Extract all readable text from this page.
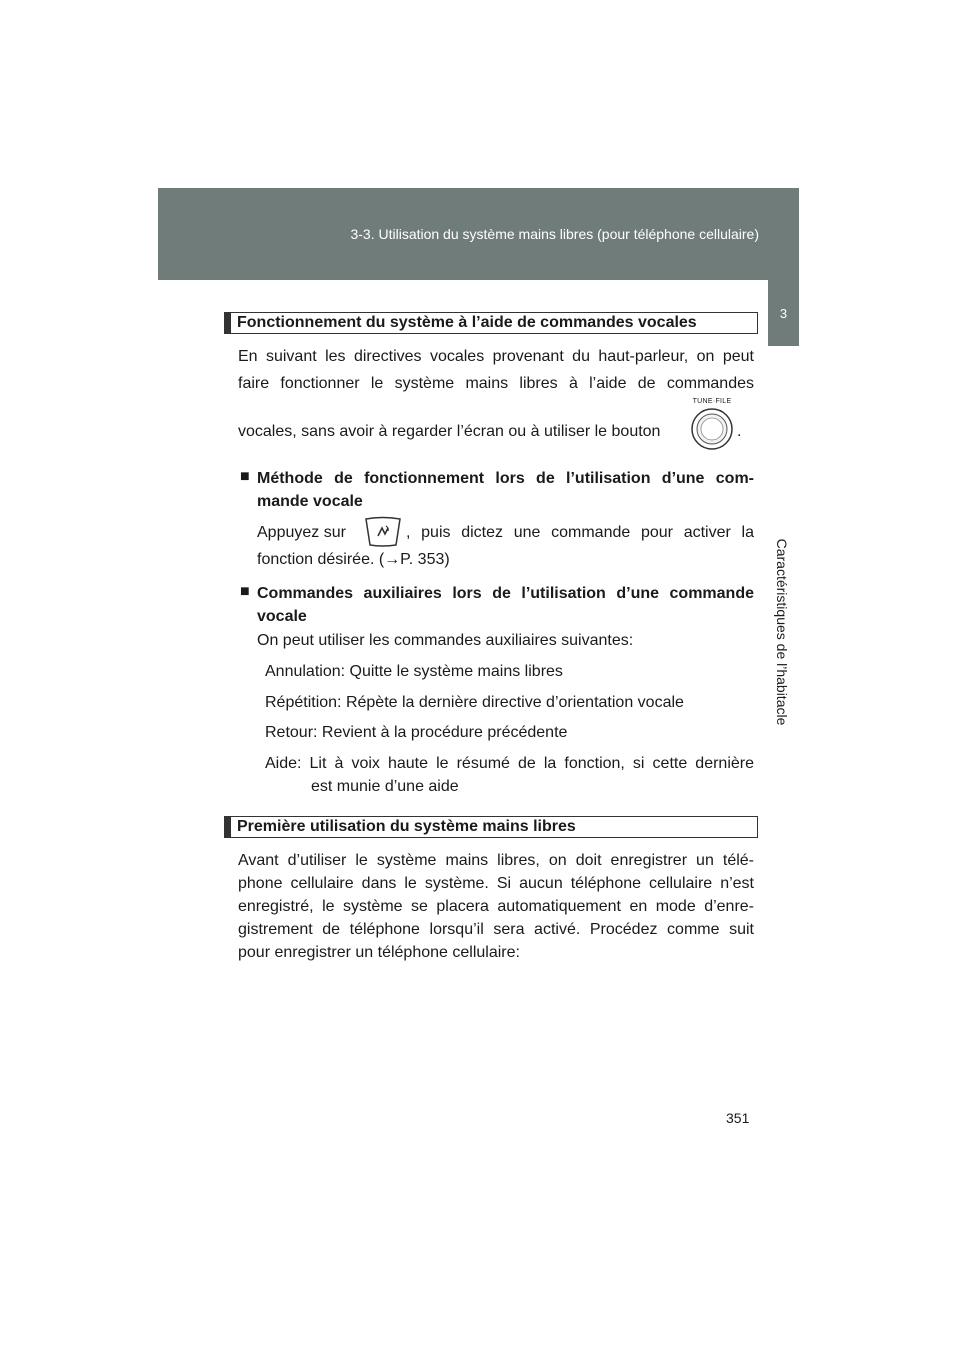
3-3. Utilisation du système mains libres (pour téléphone cellulaire)
3
Caractéristiques de l’habitacle
Fonctionnement du système à l’aide de commandes vocales
En suivant les directives vocales provenant du haut-parleur, on peut
faire fonctionner le système mains libres à l’aide de commandes
vocales, sans avoir à regarder l’écran ou à utiliser le bouton
TUNE·FILE
.
■ Méthode de fonctionnement lors de l’utilisation d’une com-
mande vocale
Appuyez sur	, puis dictez une commande pour activer la
fonction désirée. (→P. 353)
■ Commandes auxiliaires lors de l’utilisation d’une commande
vocale
On peut utiliser les commandes auxiliaires suivantes:
Annulation: Quitte le système mains libres
Répétition: Répète la dernière directive d’orientation vocale
Retour: Revient à la procédure précédente
Aide: Lit à voix haute le résumé de la fonction, si cette dernière
est munie d’une aide
Première utilisation du système mains libres
Avant d’utiliser le système mains libres, on doit enregistrer un télé-
phone cellulaire dans le système. Si aucun téléphone cellulaire n’est
enregistré, le système se placera automatiquement en mode d’enre-
gistrement de téléphone lorsqu’il sera activé. Procédez comme suit
pour enregistrer un téléphone cellulaire:
351
